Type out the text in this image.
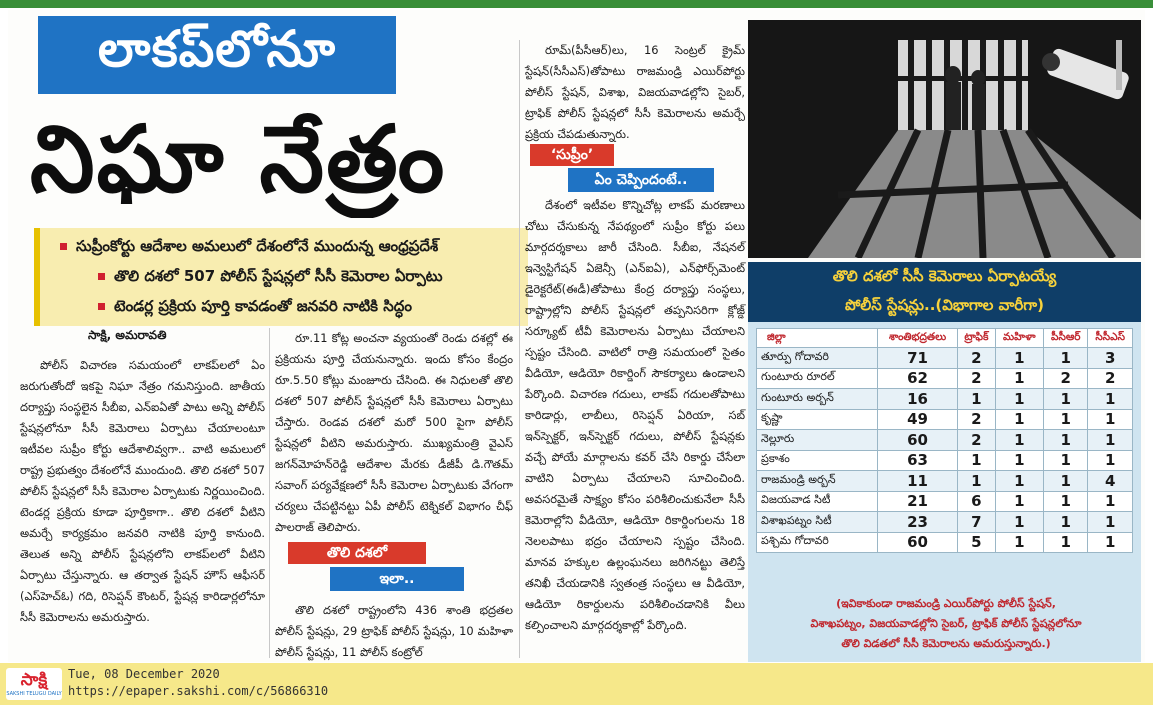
లాకప్‌లోనూ
నిఘా నేత్రం
సుప్రీంకోర్టు ఆదేశాల అమలులో దేశంలోనే ముందున్న ఆంధ్రప్రదేశ్
తొలి దశలో 507 పోలీస్ స్టేషన్లలో సీసీ కెమెరాల ఏర్పాటు
టెండర్ల ప్రక్రియ పూర్తి కావడంతో జనవరి నాటికి సిద్ధం
సాక్షి, అమరావతి

పోలీస్ విచారణ సమయంలో లాకప్‌లలో ఏం జరుగుతోందో ఇకపై నిఘా నేత్రం గమనిస్తుంది. జాతీయ దర్యాప్తు సంస్థలైన సీబీఐ, ఎన్ఐఏతో పాటు అన్ని పోలీస్ స్టేషన్లలోనూ సీసీ కెమెరాలు ఏర్పాటు చేయాలంటూ ఇటీవల సుప్రీం కోర్టు ఆదేశాలివ్వగా.. వాటి అమలులో రాష్ట్ర ప్రభుత్వం దేశంలోనే ముందుంది. తొలి దశలో 507 పోలీస్ స్టేషన్లలో సీసీ కెమెరాల ఏర్పాటుకు నిర్ణయించింది. టెండర్ల ప్రక్రియ కూడా పూర్తికాగా.. తొలి దశలో వీటిని అమర్చే కార్యక్రమం జనవరి నాటికి పూర్తి కానుంది. తెలుత అన్ని పోలీస్ స్టేషన్లలోని లాకప్‌లలో వీటిని ఏర్పాటు చేస్తున్నారు. ఆ తర్వాత స్టేషన్ హౌస్ ఆఫీసర్ (ఎస్‌హెచ్‌ఓ) గది, రిసెప్షన్ కౌంటర్, స్టేషన్ల కారిడార్లలోనూ సీసీ కెమెరాలను అమరుస్తారు.

రూ.11 కోట్ల అంచనా వ్యయంతో రెండు దశల్లో ఈ ప్రక్రియను పూర్తి చేయనున్నారు. ఇందు కోసం కేంద్రం రూ.5.50 కోట్లు మంజూరు చేసింది. ఈ నిధులతో తొలి దశలో 507 పోలీస్ స్టేషన్లలో సీసీ కెమెరాలు ఏర్పాటు చేస్తారు. రెండవ దశలో మరో 500 పైగా పోలీస్ స్టేషన్లలో వీటిని అమరుస్తారు. ముఖ్యమంత్రి వైఎస్ జగన్‌మోహన్‌రెడ్డి ఆదేశాల మేరకు డీజీపీ డి.గౌతమ్ సవాంగ్ పర్యవేక్షణలో సీసీ కెమెరాల ఏర్పాటుకు వేగంగా చర్యలు చేపట్టినట్టు ఏపీ పోలీస్ టెక్నికల్ విభాగం చీఫ్ పాలరాజ్ తెలిపారు.

తొలి దశలో
ఇలా..

తొలి దశలో రాష్ట్రంలోని 436 శాంతి భద్రతల పోలీస్ స్టేషన్లు, 29 ట్రాఫిక్ పోలీస్ స్టేషన్లు, 10 మహిళా పోలీస్ స్టేషన్లు, 11 పోలీస్ కంట్రోల్

రూమ్(పీసీఆర్)లు, 16 సెంట్రల్ క్రైమ్ స్టేషన్(సీసీఎస్)తోపాటు రాజమండ్రి ఎయిర్‌పోర్టు పోలీస్ స్టేషన్, విశాఖ, విజయవాడల్లోని సైబర్, ట్రాఫిక్ పోలీస్ స్టేషన్లలో సీసీ కెమెరాలను అమర్చే ప్రక్రియ చేపడుతున్నారు.

‘సుప్రీం’
ఏం చెప్పిందంటే..

దేశంలో ఇటీవల కొన్నిచోట్ల లాకప్ మరణాలు చోటు చేసుకున్న నేపథ్యంలో సుప్రీం కోర్టు పలు మార్గదర్శకాలు జారీ చేసింది. సీబీఐ, నేషనల్ ఇన్వెస్టిగేషన్ ఏజెన్సీ (ఎన్ఐఏ), ఎన్‌ఫోర్స్‌మెంట్ డైరెక్టరేట్(ఈడీ)తోపాటు కేంద్ర దర్యాప్తు సంస్థలు, రాష్ట్రాల్లోని పోలీస్ స్టేషన్లలో తప్పనిసరిగా క్లోజ్డ్ సర్క్యూట్ టీవీ కెమెరాలను ఏర్పాటు చేయాలని స్పష్టం చేసింది. వాటిలో రాత్రి సమయంలో సైతం వీడియో, ఆడియో రికార్డింగ్ సౌకర్యాలు ఉండాలని పేర్కొంది. విచారణ గదులు, లాకప్ గదులతోపాటు కారిడార్లు, లాబీలు, రిసెప్షన్ ఏరియా, సబ్ ఇన్‌స్పెక్టర్, ఇన్‌స్పెక్టర్ గదులు, పోలీస్ స్టేషన్లకు వచ్చే పోయే మార్గాలను కవర్ చేసి రికార్డు చేసేలా వాటిని ఏర్పాటు చేయాలని సూచించింది. అవసరమైతే సాక్ష్యం కోసం పరిశీలించుకునేలా సీసీ కెమెరాల్లోని వీడియో, ఆడియో రికార్డింగులను 18 నెలలపాటు భద్రం చేయాలని స్పష్టం చేసింది. మానవ హక్కుల ఉల్లంఘనలు జరిగినట్టు తెలిస్తే తనిఖీ చేయడానికి స్వతంత్ర సంస్థలు ఆ వీడియో, ఆడియో రికార్డులను పరిశీలించడానికి వీలు కల్పించాలని మార్గదర్శకాల్లో పేర్కొంది.

తొలి దశలో సీసీ కెమెరాలు ఏర్పాటయ్యే
పోలీస్ స్టేషన్లు..(విభాగాల వారీగా)
జిల్లా	శాంతిభద్రతలు	ట్రాఫిక్	మహిళా	పీసీఆర్	సీసీఎస్
తూర్పు గోదావరి	71	2	1	1	3
గుంటూరు రూరల్	62	2	1	2	2
గుంటూరు అర్బన్	16	1	1	1	1
కృష్ణా	49	2	1	1	1
నెల్లూరు	60	2	1	1	1
ప్రకాశం	63	1	1	1	1
రాజమండ్రి అర్బన్	11	1	1	1	4
విజయవాడ సిటీ	21	6	1	1	1
విశాఖపట్నం సిటీ	23	7	1	1	1
పశ్చిమ గోదావరి	60	5	1	1	1
(ఇవికాకుండా రాజమండ్రి ఎయిర్‌పోర్టు పోలీస్ స్టేషన్,
విశాఖపట్నం, విజయవాడల్లోని సైబర్, ట్రాఫిక్ పోలీస్ స్టేషన్లలోనూ
తొలి విడతలో సీసీ కెమెరాలను అమరుస్తున్నారు.)
సాక్షి
SAKSHI TELUGU DAILY
Tue, 08 December 2020
https://epaper.sakshi.com/c/56866310
